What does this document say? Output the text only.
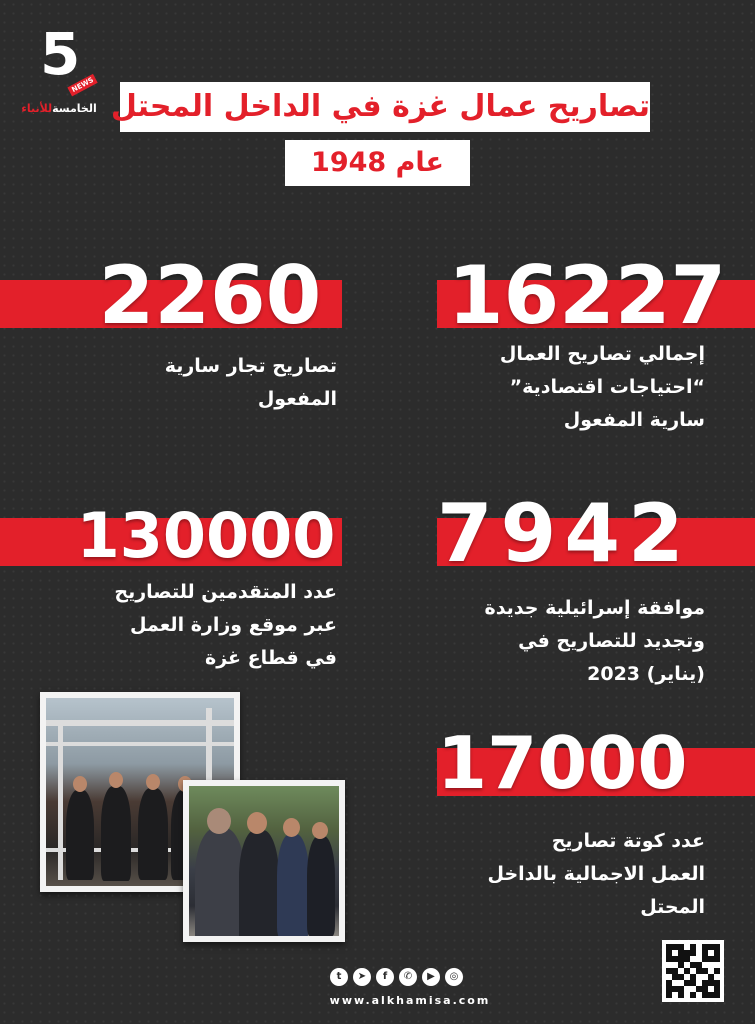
5
NEWS
الخامسةللأنباء	تصاريح عمال غزة في الداخل المحتل
عام 1948
16227
إجمالي تصاريح العمال
“احتياجات اقتصادية”
سارية المفعول
2260
تصاريح تجار سارية
المفعول
7942
موافقة إسرائيلية جديدة
وتجديد للتصاريح في
(يناير) 2023
130000
عدد المتقدمين للتصاريح
عبر موقع وزارة العمل
في قطاع غزة
17000
عدد كوتة تصاريح
العمل الاجمالية بالداخل
المحتل
t	➤	f	✆	▶	◎
www.alkhamisa.com
